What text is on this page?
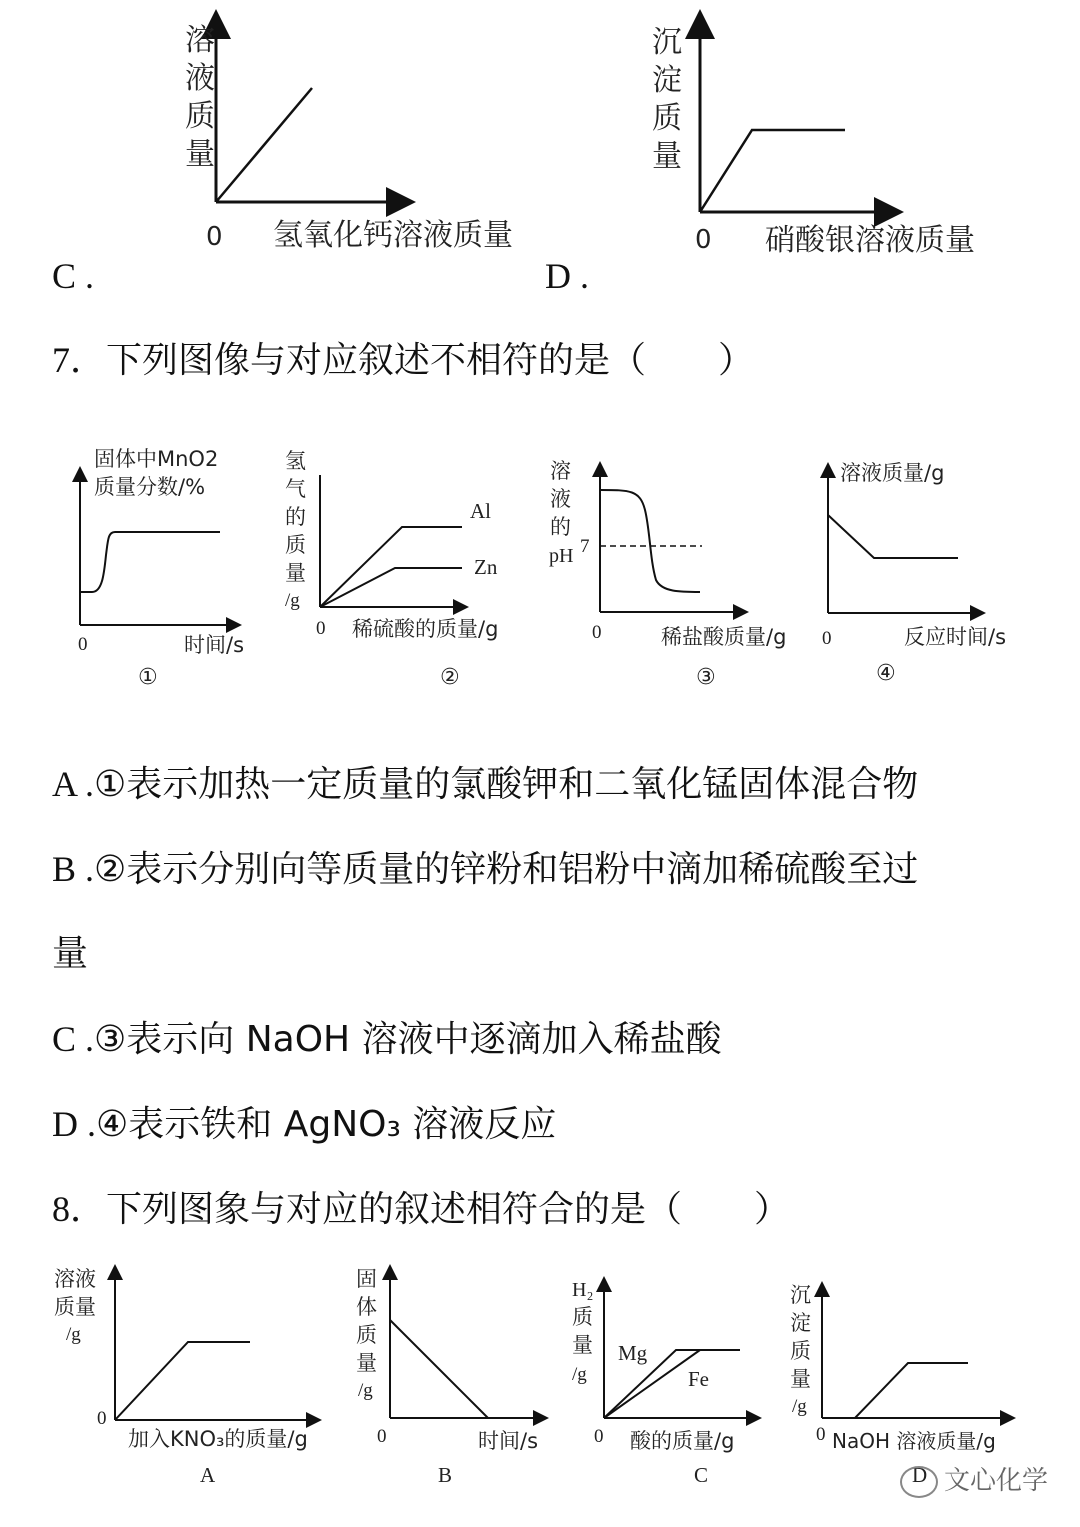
溶
液
质
量
0 氢氧化钙溶液质量
沉
淀
质
量
0 硝酸银溶液质量
固体中MnO2
质量分数/%
0	时间/s
①
Al
Zn
氢
气
的
质
量
/g
0 稀硫酸的质量/g
②
溶
液
的
pH 7
0	稀盐酸质量/g
③
溶液质量/g
0	反应时间/s
④
溶液
质量
/g
0
加入KNO₃的质量/g
A
固
体
质
量
/g
0	时间/s
B
Mg
Fe
H₂
质
量
/g
0 酸的质量/g
C
沉
淀
质
量
/g
0 NaOH 溶液质量/g
D
C .	D .
7．下列图像与对应叙述不相符的是（　　）
A .①表示加热一定质量的氯酸钾和二氧化锰固体混合物
B .②表示分别向等质量的锌粉和铝粉中滴加稀硫酸至过
量
C .③表示向 NaOH 溶液中逐滴加入稀盐酸
D .④表示铁和 AgNO₃ 溶液反应
8．下列图象与对应的叙述相符合的是（　　）
文心化学
